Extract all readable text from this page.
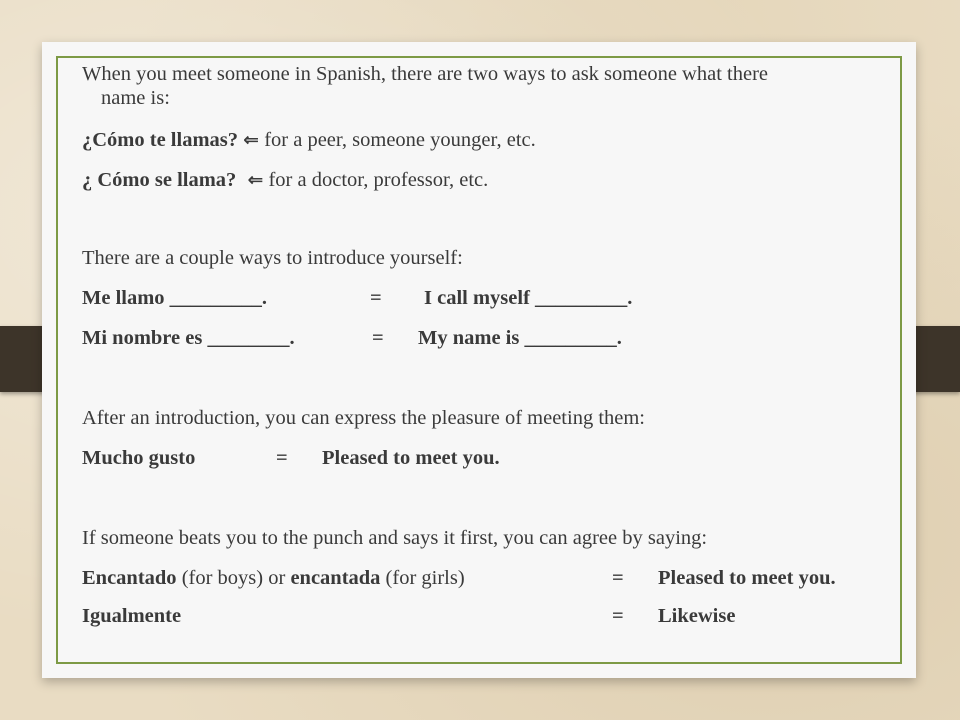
When you meet someone in Spanish, there are two ways to ask someone what there
name is:
¿Cómo te llamas? ⇐ for a peer, someone younger, etc.
¿ Cómo se llama? ⇐ for a doctor, professor, etc.
There are a couple ways to introduce yourself:
Me llamo _________.	= I call myself _________.
Mi nombre es ________.	= My name is _________.
After an introduction, you can express the pleasure of meeting them:
Mucho gusto	= Pleased to meet you.
If someone beats you to the punch and says it first, you can agree by saying:
Encantado (for boys) or encantada (for girls)	= Pleased to meet you.
Igualmente	= Likewise
